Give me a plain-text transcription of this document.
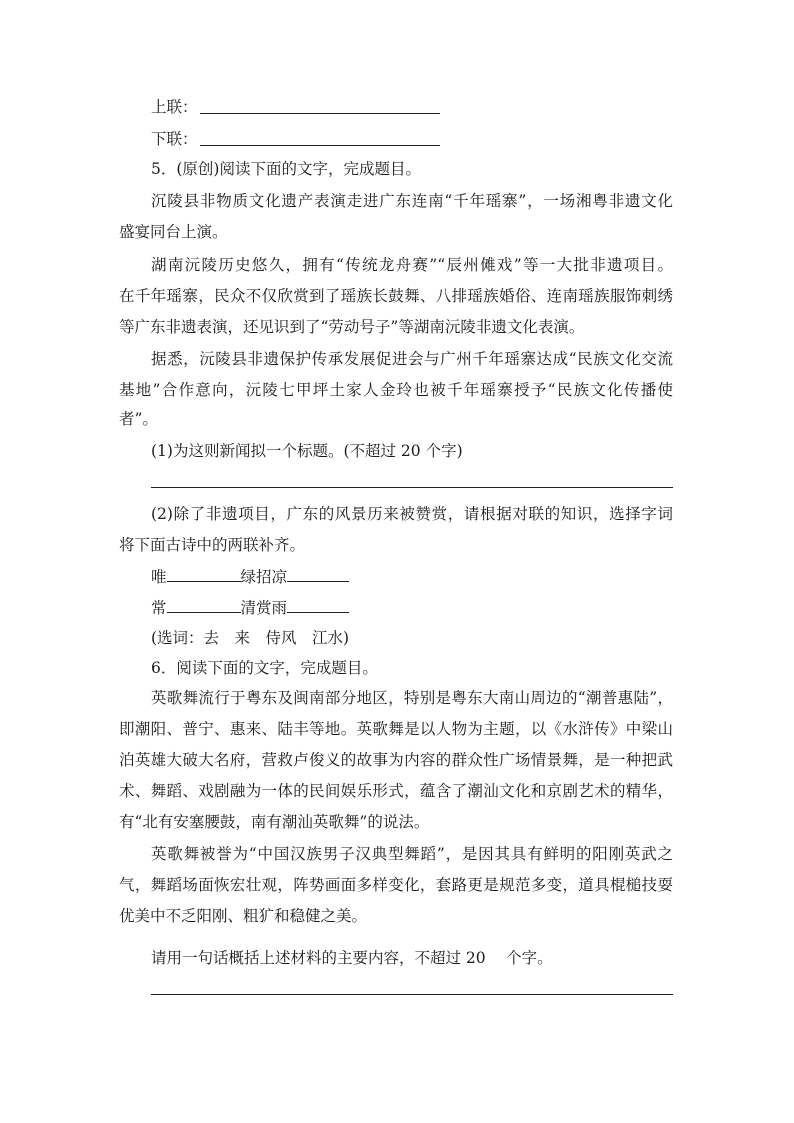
上联：
下联：
5．(原创)阅读下面的文字，完成题目。
沉陵县非物质文化遗产表演走进广东连南“千年瑶寨”，一场湘粤非遗文化
盛宴同台上演。
湖南沅陵历史悠久，拥有“传统龙舟赛”“辰州傩戏”等一大批非遗项目。
在千年瑶寨，民众不仅欣赏到了瑶族长鼓舞、八排瑶族婚俗、连南瑶族服饰刺绣
等广东非遗表演，还见识到了“劳动号子”等湖南沅陵非遗文化表演。
据悉，沅陵县非遗保护传承发展促进会与广州千年瑶寨达成“民族文化交流
基地”合作意向，沅陵七甲坪土家人金玲也被千年瑶寨授予“民族文化传播使
者”。
(1)为这则新闻拟一个标题。(不超过 20 个字)
(2)除了非遗项目，广东的风景历来被赞赏，请根据对联的知识，选择字词
将下面古诗中的两联补齐。
唯	绿招凉
常	清赏雨
(选词：去　来　侍风　江水)
6．阅读下面的文字，完成题目。
英歌舞流行于粤东及闽南部分地区，特别是粤东大南山周边的“潮普惠陆”，
即潮阳、普宁、惠来、陆丰等地。英歌舞是以人物为主题，以《水浒传》中梁山
泊英雄大破大名府，营救卢俊义的故事为内容的群众性广场情景舞，是一种把武
术、舞蹈、戏剧融为一体的民间娱乐形式，蕴含了潮汕文化和京剧艺术的精华，
有“北有安塞腰鼓，南有潮汕英歌舞”的说法。
英歌舞被誉为“中国汉族男子汉典型舞蹈”，是因其具有鲜明的阳刚英武之
气，舞蹈场面恢宏壮观，阵势画面多样变化，套路更是规范多变，道具棍槌技耍
优美中不乏阳刚、粗犷和稳健之美。
请用一句话概括上述材料的主要内容，不超过 20　 个字。
